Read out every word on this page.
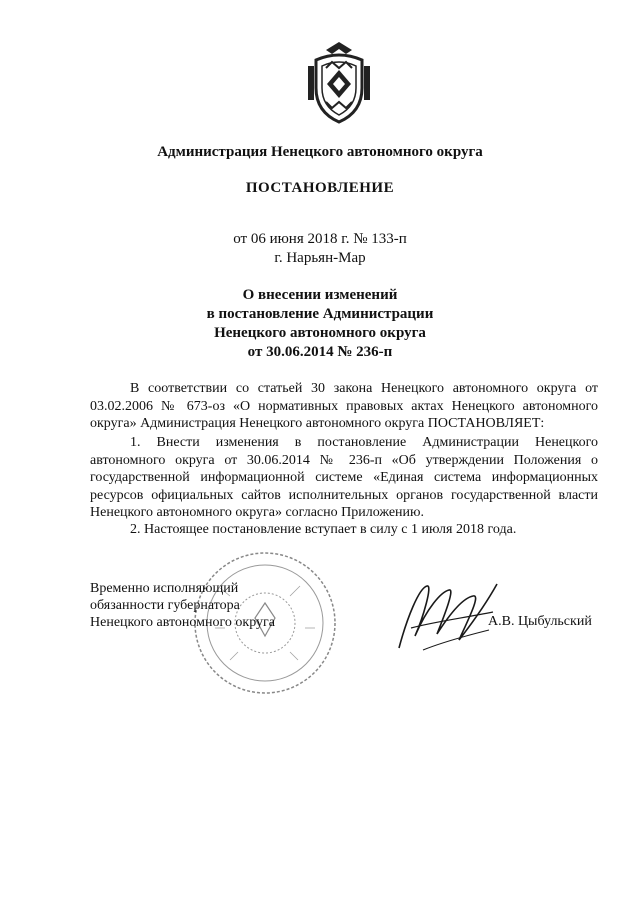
Администрация Ненецкого автономного округа
ПОСТАНОВЛЕНИЕ
от 06 июня 2018 г. № 133-п
г. Нарьян-Мар
О внесении изменений
в постановление Администрации
Ненецкого автономного округа
от 30.06.2014 № 236-п

В соответствии со статьей 30 закона Ненецкого автономного округа от 03.02.2006 № 673-оз «О нормативных правовых актах Ненецкого автономного округа» Администрация Ненецкого автономного округа ПОСТАНОВЛЯЕТ:

1. Внести изменения в постановление Администрации Ненецкого автономного округа от 30.06.2014 № 236-п «Об утверждении Положения о государственной информационной системе «Единая система информационных ресурсов официальных сайтов исполнительных органов государственной власти Ненецкого автономного округа» согласно Приложению.

2. Настоящее постановление вступает в силу с 1 июля 2018 года.

Временно исполняющий
обязанности губернатора
Ненецкого автономного округа	А.В. Цыбульский
